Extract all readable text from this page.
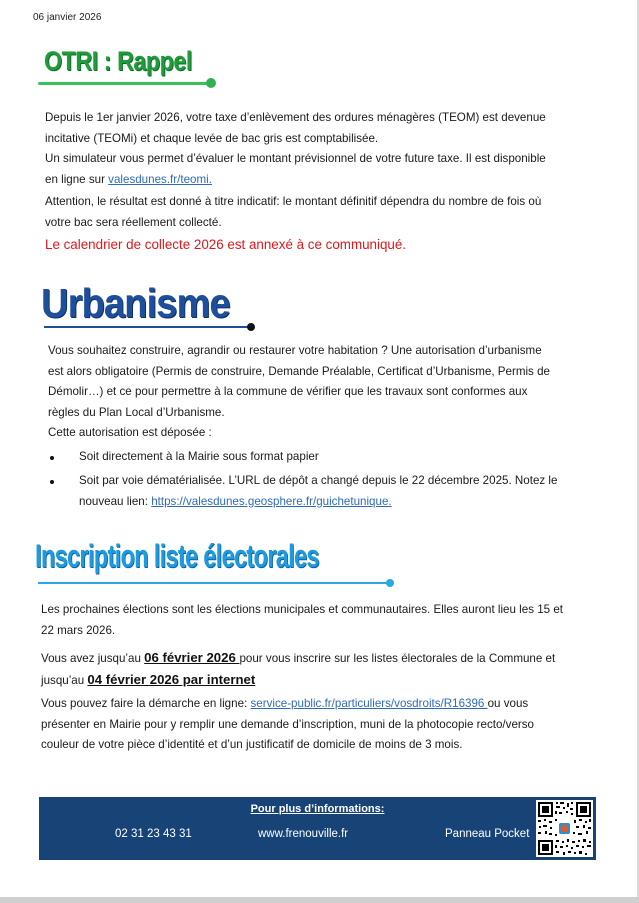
06 janvier 2026
OTRI : Rappel
Depuis le 1er janvier 2026, votre taxe d’enlèvement des ordures ménagères (TEOM) est devenue
incitative (TEOMi) et chaque levée de bac gris est comptabilisée.
Un simulateur vous permet d’évaluer le montant prévisionnel de votre future taxe. Il est disponible
en ligne sur valesdunes.fr/teomi.
Attention, le résultat est donné à titre indicatif: le montant définitif dépendra du nombre de fois où
votre bac sera réellement collecté.
Le calendrier de collecte 2026 est annexé à ce communiqué.
Urbanisme
Vous souhaitez construire, agrandir ou restaurer votre habitation ? Une autorisation d’urbanisme
est alors obligatoire (Permis de construire, Demande Préalable, Certificat d’Urbanisme, Permis de
Démolir…) et ce pour permettre à la commune de vérifier que les travaux sont conformes aux
règles du Plan Local d’Urbanisme.
Cette autorisation est déposée :
Soit directement à la Mairie sous format papier
Soit par voie dématérialisée. L’URL de dépôt a changé depuis le 22 décembre 2025. Notez le
nouveau lien: https://valesdunes.geosphere.fr/guichetunique.
Inscription liste électorales
Les prochaines élections sont les élections municipales et communautaires. Elles auront lieu les 15 et
22 mars 2026.
Vous avez jusqu’au 06 février 2026 pour vous inscrire sur les listes électorales de la Commune et
jusqu’au 04 février 2026 par internet
Vous pouvez faire la démarche en ligne: service-public.fr/particuliers/vosdroits/R16396 ou vous
présenter en Mairie pour y remplir une demande d’inscription, muni de la photocopie recto/verso
couleur de votre pièce d’identité et d’un justificatif de domicile de moins de 3 mois.
Pour plus d’informations:
02 31 23 43 31	www.frenouville.fr	Panneau Pocket
